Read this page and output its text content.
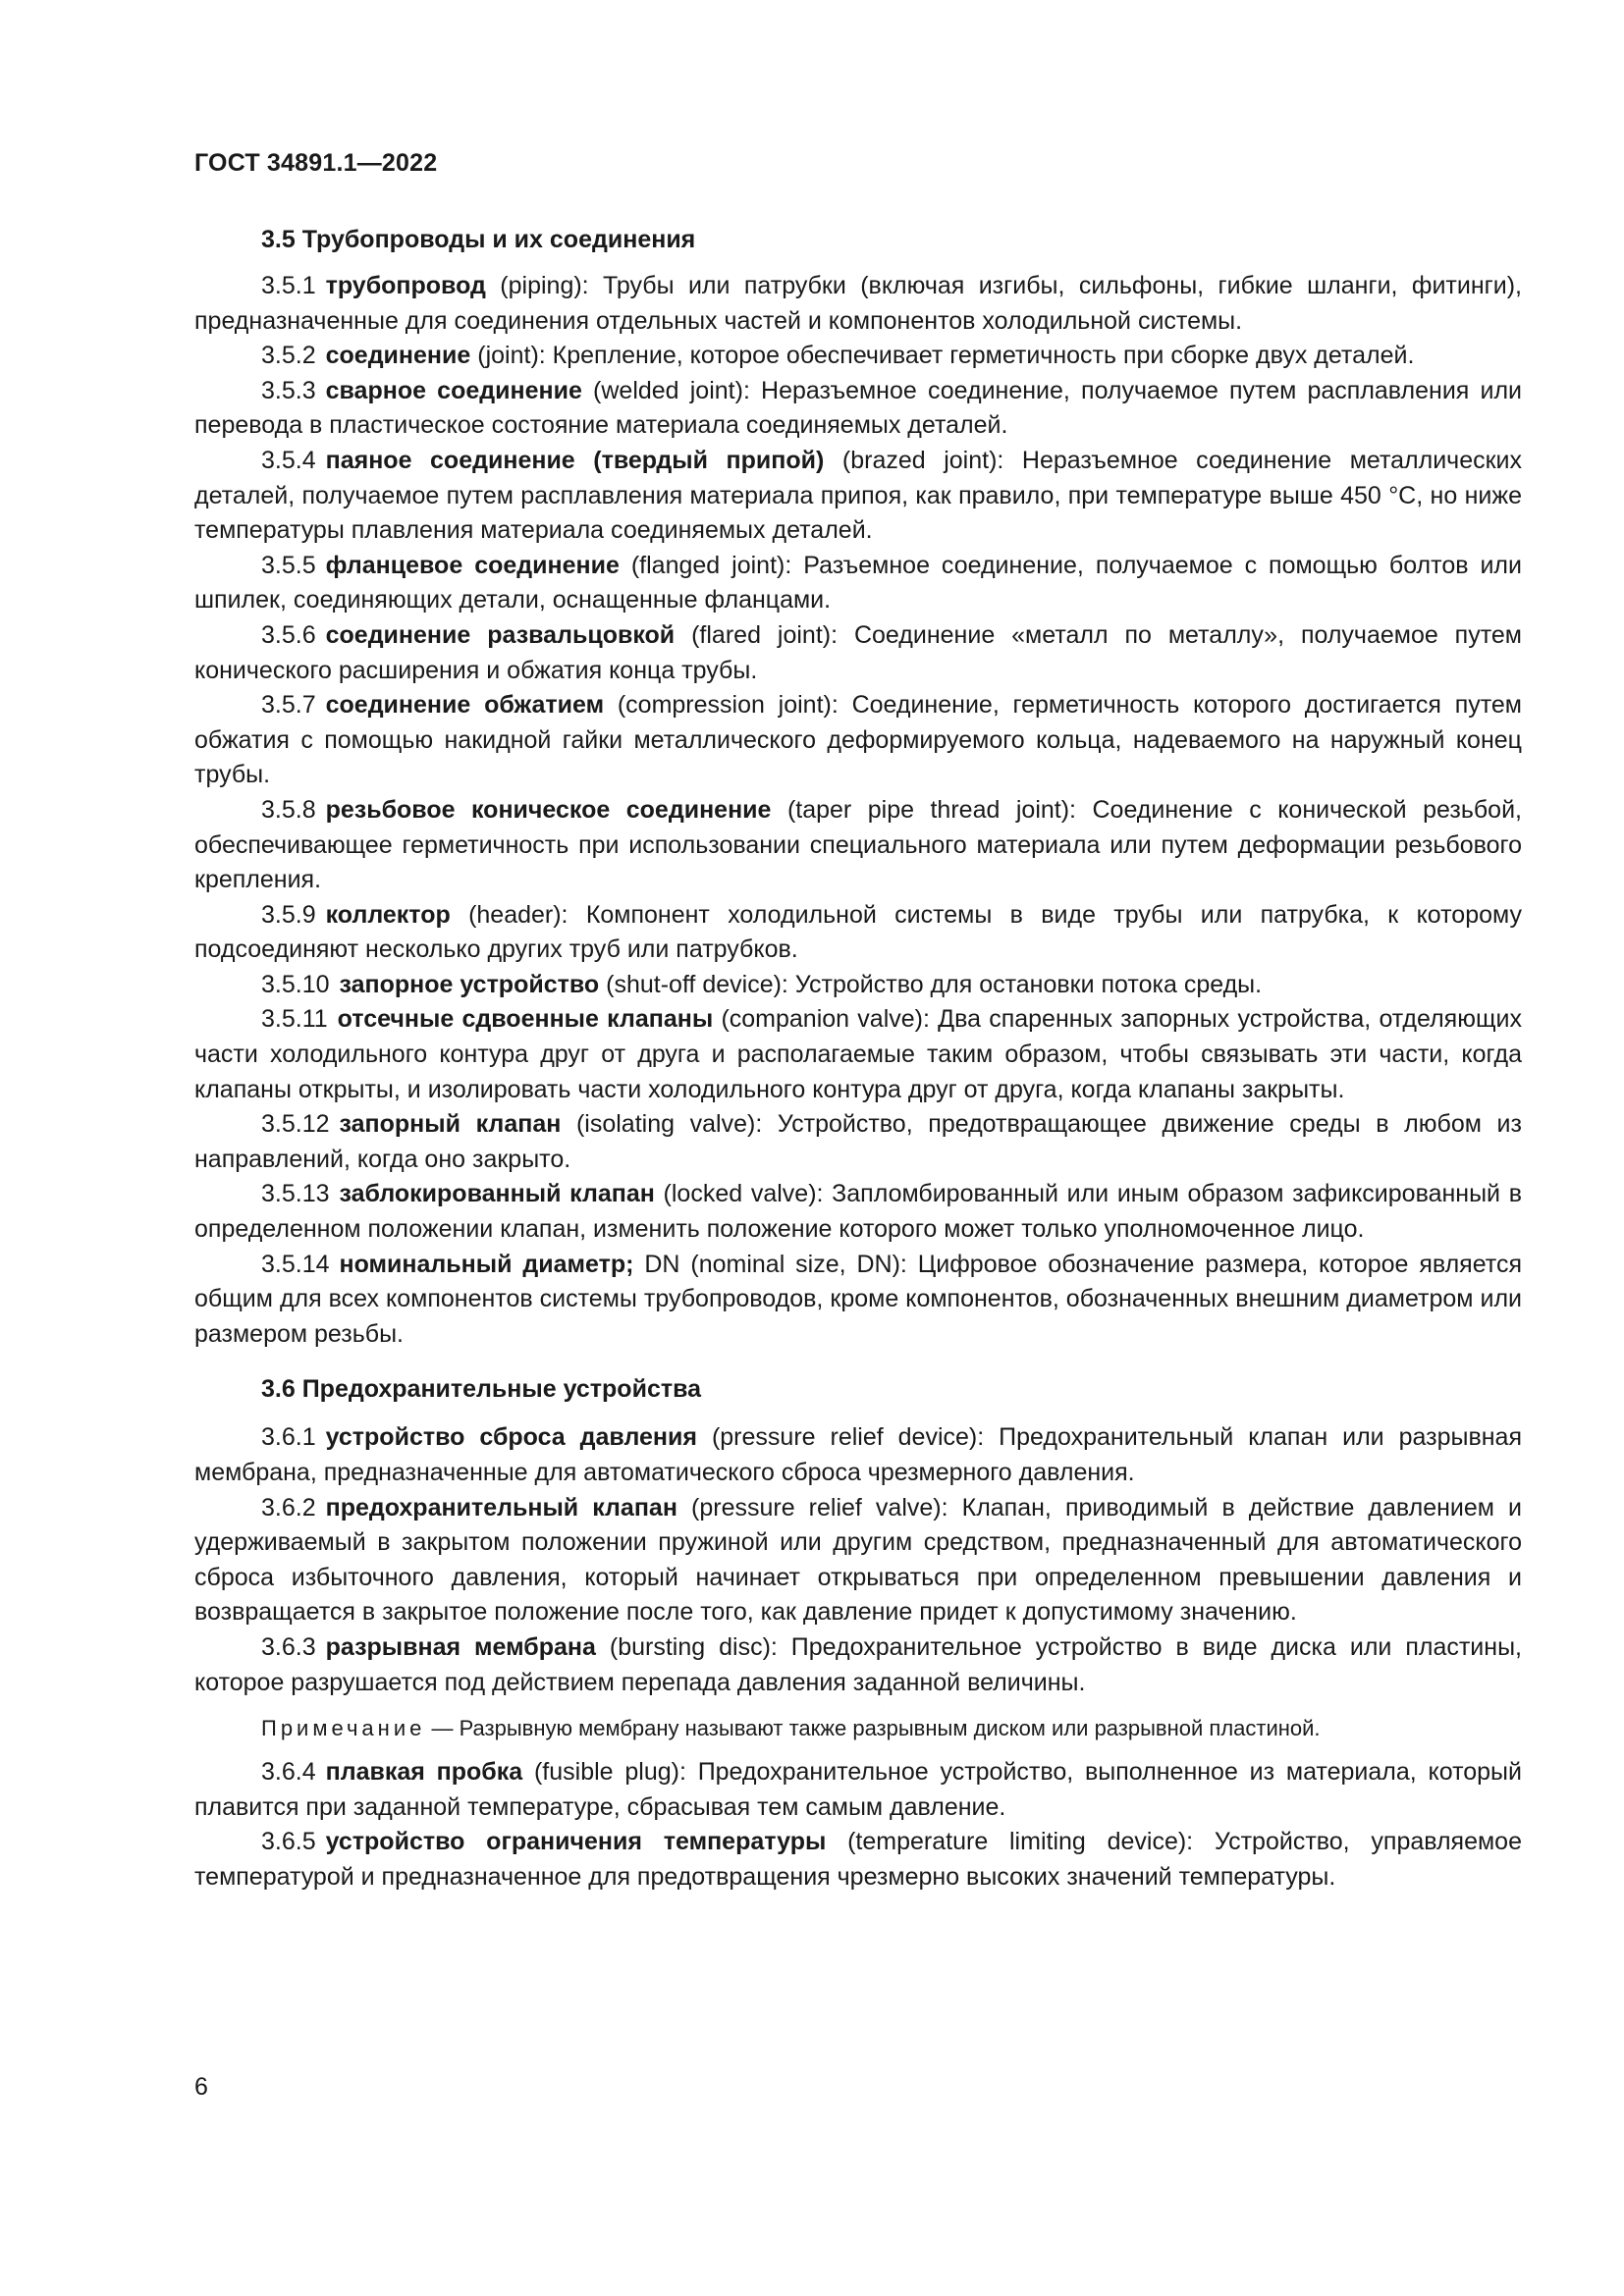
ГОСТ 34891.1—2022
3.5 Трубопроводы и их соединения

3.5.1 трубопровод (piping): Трубы или патрубки (включая изгибы, сильфоны, гибкие шланги, фитинги), предназначенные для соединения отдельных частей и компонентов холодильной системы.

3.5.2 соединение (joint): Крепление, которое обеспечивает герметичность при сборке двух деталей.

3.5.3 сварное соединение (welded joint): Неразъемное соединение, получаемое путем расплавления или перевода в пластическое состояние материала соединяемых деталей.

3.5.4 паяное соединение (твердый припой) (brazed joint): Неразъемное соединение металлических деталей, получаемое путем расплавления материала припоя, как правило, при температуре выше 450 °C, но ниже температуры плавления материала соединяемых деталей.

3.5.5 фланцевое соединение (flanged joint): Разъемное соединение, получаемое с помощью болтов или шпилек, соединяющих детали, оснащенные фланцами.

3.5.6 соединение развальцовкой (flared joint): Соединение «металл по металлу», получаемое путем конического расширения и обжатия конца трубы.

3.5.7 соединение обжатием (compression joint): Соединение, герметичность которого достигается путем обжатия с помощью накидной гайки металлического деформируемого кольца, надеваемого на наружный конец трубы.

3.5.8 резьбовое коническое соединение (taper pipe thread joint): Соединение с конической резьбой, обеспечивающее герметичность при использовании специального материала или путем деформации резьбового крепления.

3.5.9 коллектор (header): Компонент холодильной системы в виде трубы или патрубка, к которому подсоединяют несколько других труб или патрубков.

3.5.10 запорное устройство (shut-off device): Устройство для остановки потока среды.

3.5.11 отсечные сдвоенные клапаны (companion valve): Два спаренных запорных устройства, отделяющих части холодильного контура друг от друга и располагаемые таким образом, чтобы связывать эти части, когда клапаны открыты, и изолировать части холодильного контура друг от друга, когда клапаны закрыты.

3.5.12 запорный клапан (isolating valve): Устройство, предотвращающее движение среды в любом из направлений, когда оно закрыто.

3.5.13 заблокированный клапан (locked valve): Запломбированный или иным образом зафиксированный в определенном положении клапан, изменить положение которого может только уполномоченное лицо.

3.5.14 номинальный диаметр; DN (nominal size, DN): Цифровое обозначение размера, которое является общим для всех компонентов системы трубопроводов, кроме компонентов, обозначенных внешним диаметром или размером резьбы.

3.6 Предохранительные устройства

3.6.1 устройство сброса давления (pressure relief device): Предохранительный клапан или разрывная мембрана, предназначенные для автоматического сброса чрезмерного давления.

3.6.2 предохранительный клапан (pressure relief valve): Клапан, приводимый в действие давлением и удерживаемый в закрытом положении пружиной или другим средством, предназначенный для автоматического сброса избыточного давления, который начинает открываться при определенном превышении давления и возвращается в закрытое положение после того, как давление придет к допустимому значению.

3.6.3 разрывная мембрана (bursting disc): Предохранительное устройство в виде диска или пластины, которое разрушается под действием перепада давления заданной величины.

Примечание — Разрывную мембрану называют также разрывным диском или разрывной пластиной.

3.6.4 плавкая пробка (fusible plug): Предохранительное устройство, выполненное из материала, который плавится при заданной температуре, сбрасывая тем самым давление.

3.6.5 устройство ограничения температуры (temperature limiting device): Устройство, управляемое температурой и предназначенное для предотвращения чрезмерно высоких значений температуры.

6
